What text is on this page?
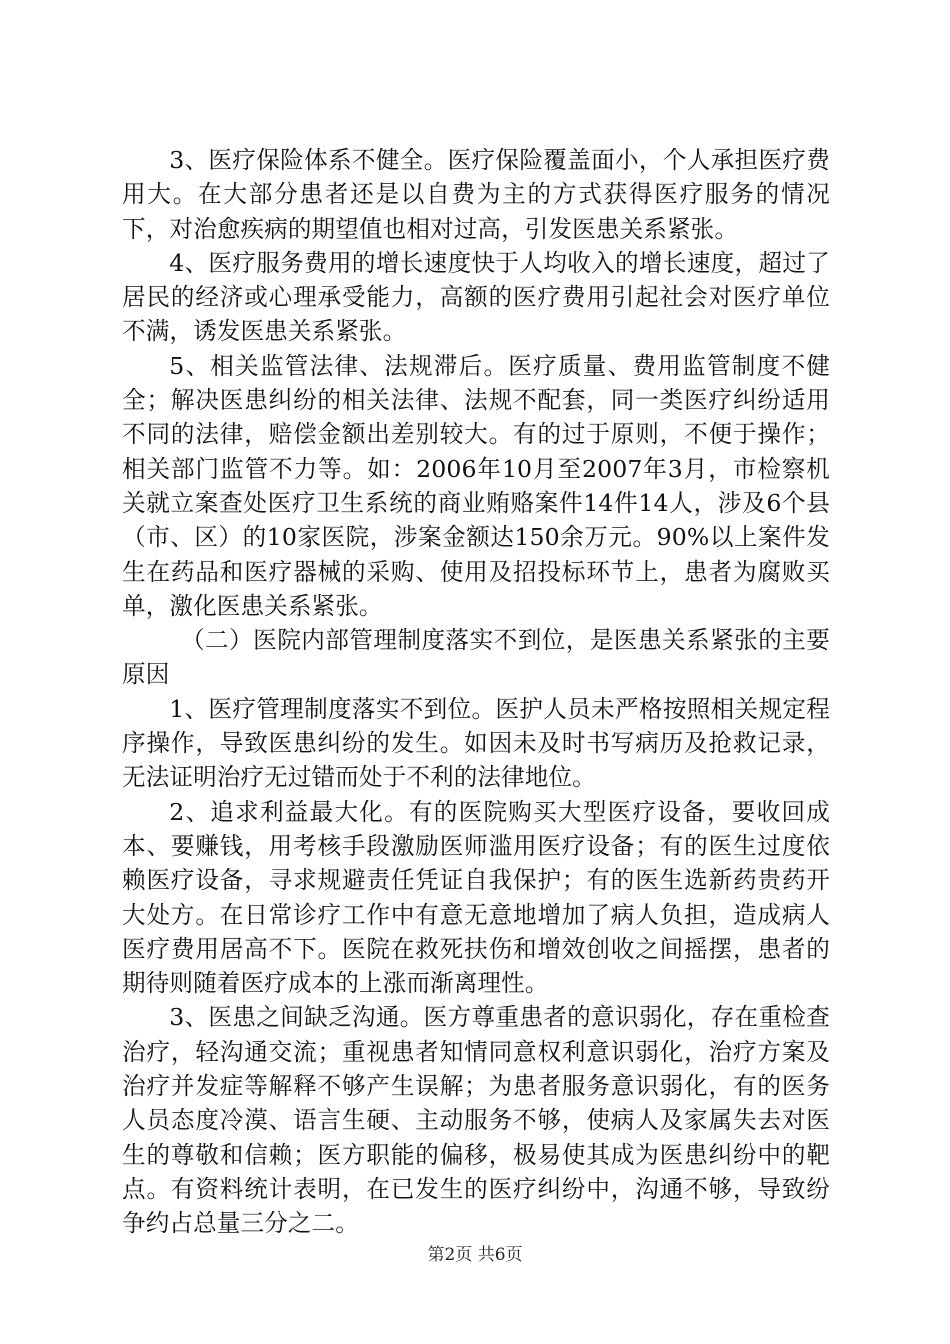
3、医疗保险体系不健全。医疗保险覆盖面小，个人承担医疗费用大。在大部分患者还是以自费为主的方式获得医疗服务的情况下，对治愈疾病的期望值也相对过高，引发医患关系紧张。

4、医疗服务费用的增长速度快于人均收入的增长速度，超过了居民的经济或心理承受能力，高额的医疗费用引起社会对医疗单位不满，诱发医患关系紧张。

5、相关监管法律、法规滞后。医疗质量、费用监管制度不健全；解决医患纠纷的相关法律、法规不配套，同一类医疗纠纷适用不同的法律，赔偿金额出差别较大。有的过于原则，不便于操作；相关部门监管不力等。如：2006年10月至2007年3月，市检察机关就立案查处医疗卫生系统的商业贿赂案件14件14人，涉及6个县（市、区）的10家医院，涉案金额达150余万元。90%以上案件发生在药品和医疗器械的采购、使用及招投标环节上，患者为腐败买单，激化医患关系紧张。

（二）医院内部管理制度落实不到位，是医患关系紧张的主要原因

1、医疗管理制度落实不到位。医护人员未严格按照相关规定程序操作，导致医患纠纷的发生。如因未及时书写病历及抢救记录，无法证明治疗无过错而处于不利的法律地位。

2、追求利益最大化。有的医院购买大型医疗设备，要收回成本、要赚钱，用考核手段激励医师滥用医疗设备；有的医生过度依赖医疗设备，寻求规避责任凭证自我保护；有的医生选新药贵药开大处方。在日常诊疗工作中有意无意地增加了病人负担，造成病人医疗费用居高不下。医院在救死扶伤和增效创收之间摇摆，患者的期待则随着医疗成本的上涨而渐离理性。

3、医患之间缺乏沟通。医方尊重患者的意识弱化，存在重检查治疗，轻沟通交流；重视患者知情同意权利意识弱化，治疗方案及治疗并发症等解释不够产生误解；为患者服务意识弱化，有的医务人员态度冷漠、语言生硬、主动服务不够，使病人及家属失去对医生的尊敬和信赖；医方职能的偏移，极易使其成为医患纠纷中的靶点。有资料统计表明，在已发生的医疗纠纷中，沟通不够，导致纷争约占总量三分之二。

第2页 共6页
